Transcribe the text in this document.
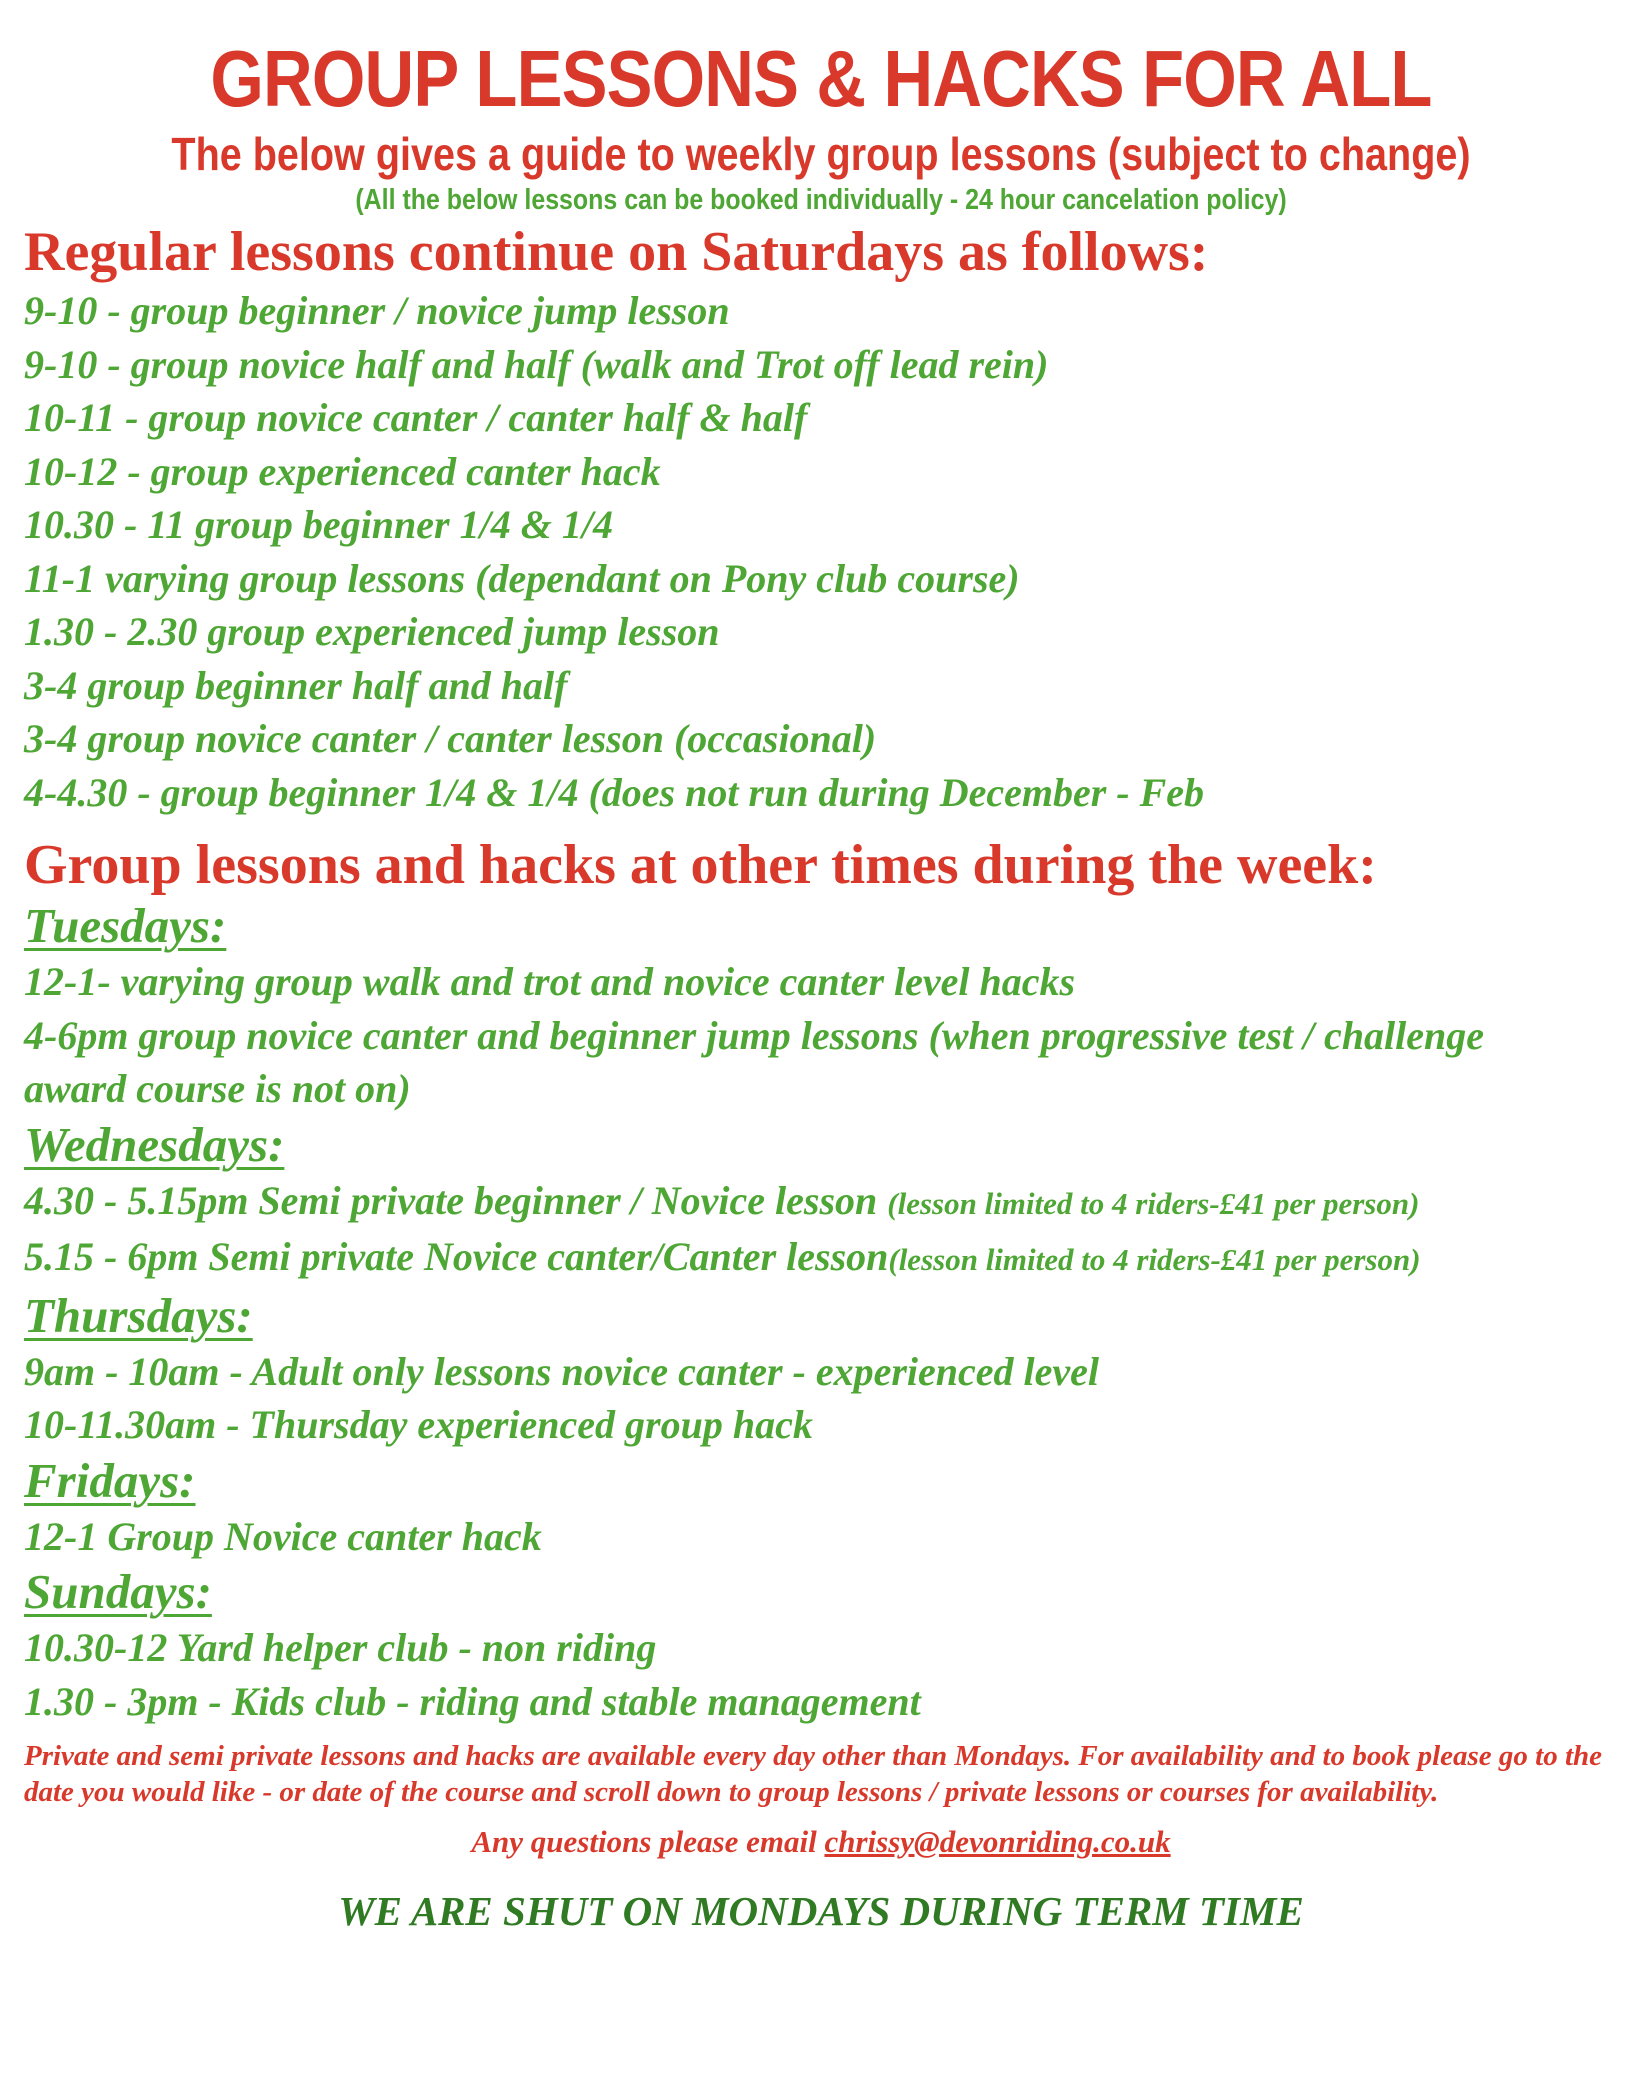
GROUP LESSONS & HACKS FOR ALL
The below gives a guide to weekly group lessons (subject to change)
(All the below lessons can be booked individually - 24 hour cancelation policy)
Regular lessons continue on Saturdays as follows:
9-10 - group beginner / novice jump lesson
9-10 - group novice half and half (walk and Trot off lead rein)
10-11 - group novice canter / canter half & half
10-12 - group experienced canter hack
10.30 - 11 group beginner 1/4 & 1/4
11-1 varying group lessons (dependant on Pony club course)
1.30 - 2.30 group experienced jump lesson
3-4 group beginner half and half
3-4 group novice canter / canter lesson (occasional)
4-4.30 - group beginner 1/4 & 1/4 (does not run during December - Feb
Group lessons and hacks at other times during the week:
Tuesdays:
12-1- varying group walk and trot and novice canter level hacks
4-6pm group novice canter and beginner jump lessons (when progressive test / challenge award course is not on)
Wednesdays:
4.30 - 5.15pm Semi private beginner / Novice lesson (lesson limited to 4 riders-£41 per person)
5.15 - 6pm Semi private Novice canter/Canter lesson(lesson limited to 4 riders-£41 per person)
Thursdays:
9am - 10am - Adult only lessons novice canter - experienced level
10-11.30am - Thursday experienced group hack
Fridays:
12-1 Group Novice canter hack
Sundays:
10.30-12 Yard helper club - non riding
1.30 - 3pm - Kids club - riding and stable management
Private and semi private lessons and hacks are available every day other than Mondays. For availability and to book please go to the date you would like - or date of the course and scroll down to group lessons / private lessons or courses for availability.
Any questions please email chrissy@devonriding.co.uk
WE ARE SHUT ON MONDAYS DURING TERM TIME
